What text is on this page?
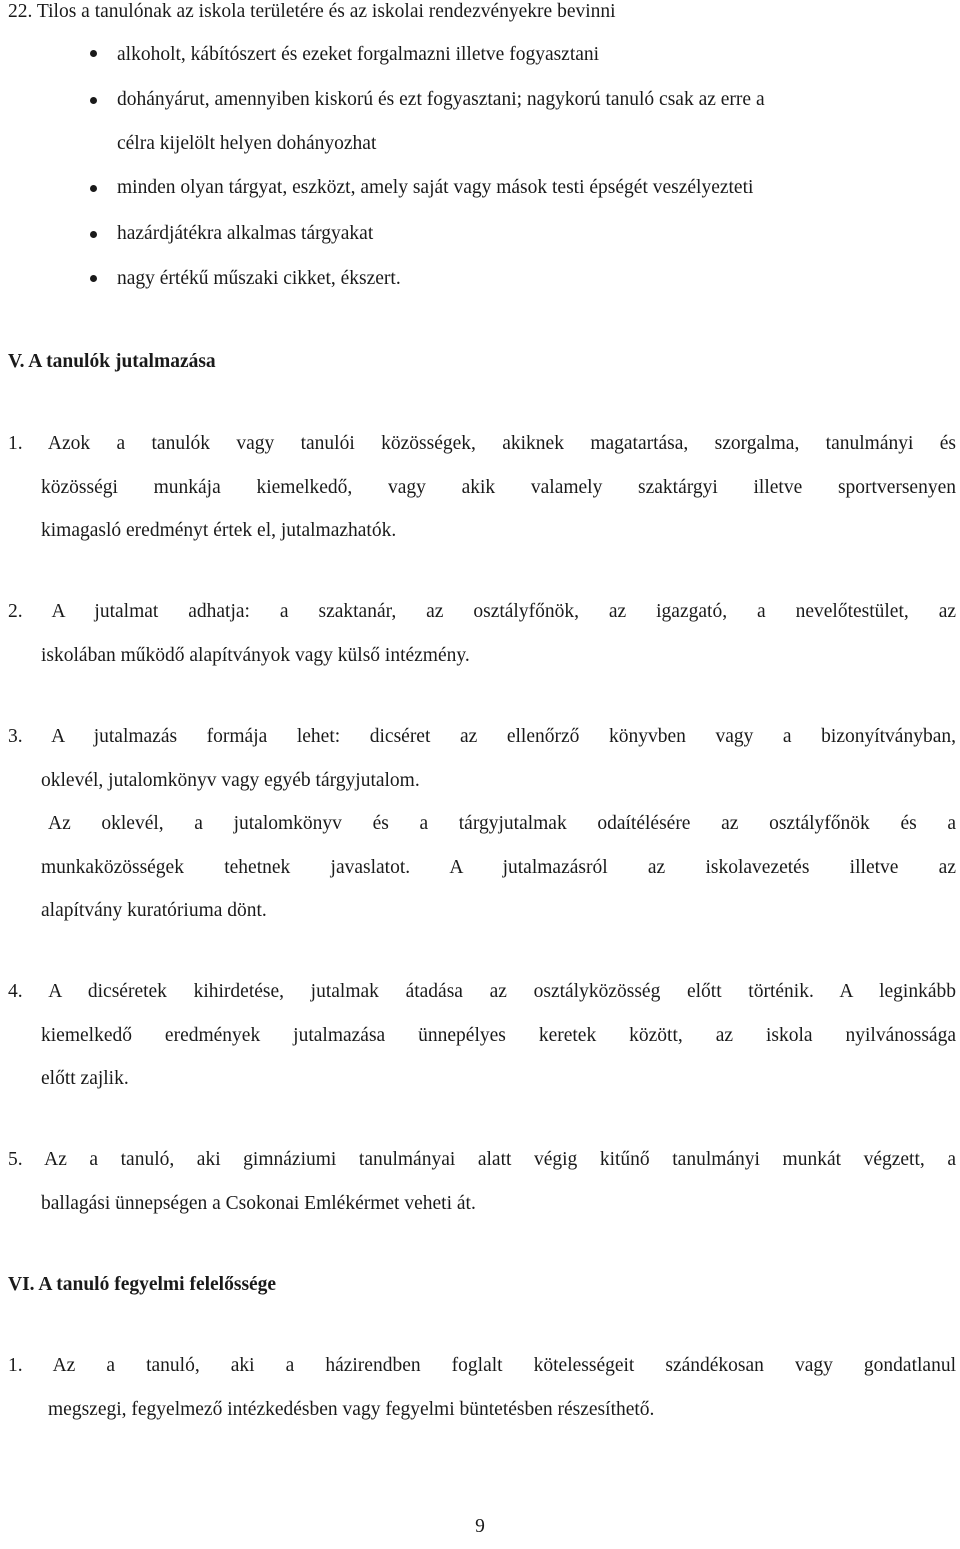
22. Tilos a tanulónak az iskola területére és az iskolai rendezvényekre bevinni
alkoholt, kábítószert és ezeket forgalmazni illetve fogyasztani
dohányárut, amennyiben kiskorú és ezt fogyasztani; nagykorú tanuló csak az erre a
célra kijelölt helyen dohányozhat
minden olyan tárgyat, eszközt, amely saját vagy mások testi épségét veszélyezteti
hazárdjátékra alkalmas tárgyakat
nagy értékű műszaki cikket, ékszert.
V. A tanulók jutalmazása
1. Azok a tanulók vagy tanulói közösségek, akiknek magatartása, szorgalma, tanulmányi és
közösségi munkája kiemelkedő, vagy akik valamely szaktárgyi illetve sportversenyen
kimagasló eredményt értek el, jutalmazhatók.
2. A jutalmat adhatja: a szaktanár, az osztályfőnök, az igazgató, a nevelőtestület, az
iskolában működő alapítványok vagy külső intézmény.
3. A jutalmazás formája lehet: dicséret az ellenőrző könyvben vagy a bizonyítványban,
oklevél, jutalomkönyv vagy egyéb tárgyjutalom.
Az oklevél, a jutalomkönyv és a tárgyjutalmak odaítélésére az osztályfőnök és a
munkaközösségek tehetnek javaslatot. A jutalmazásról az iskolavezetés illetve az
alapítvány kuratóriuma dönt.
4. A dicséretek kihirdetése, jutalmak átadása az osztályközösség előtt történik. A leginkább
kiemelkedő eredmények jutalmazása ünnepélyes keretek között, az iskola nyilvánossága
előtt zajlik.
5. Az a tanuló, aki gimnáziumi tanulmányai alatt végig kitűnő tanulmányi munkát végzett, a
ballagási ünnepségen a Csokonai Emlékérmet veheti át.
VI. A tanuló fegyelmi felelőssége
1. Az a tanuló, aki a házirendben foglalt kötelességeit szándékosan vagy gondatlanul
megszegi, fegyelmező intézkedésben vagy fegyelmi büntetésben részesíthető.
9
